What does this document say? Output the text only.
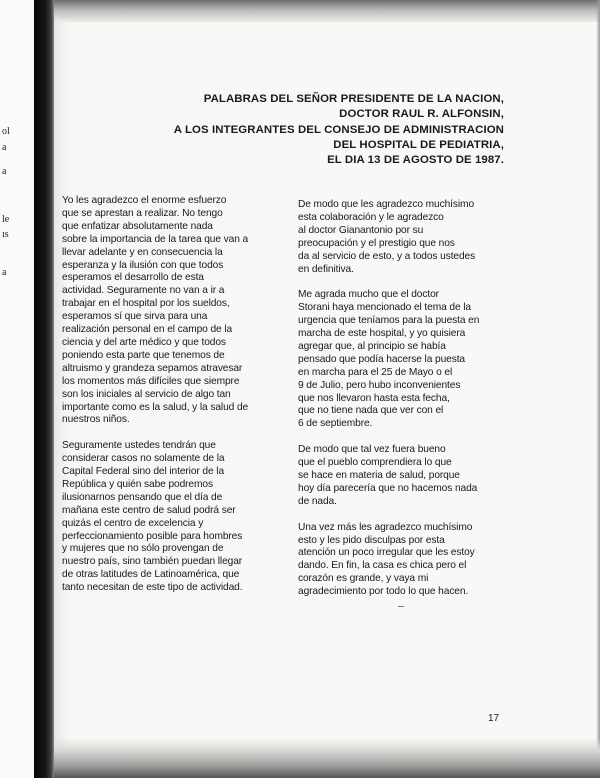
ol
a
a
le
ıs
a
PALABRAS DEL SEÑOR PRESIDENTE DE LA NACION,
DOCTOR RAUL R. ALFONSIN,
A LOS INTEGRANTES DEL CONSEJO DE ADMINISTRACION
DEL HOSPITAL DE PEDIATRIA,
EL DIA 13 DE AGOSTO DE 1987.

Yo les agradezco el enorme esfuerzo
que se aprestan a realizar. No tengo
que enfatizar absolutamente nada
sobre la importancia de la tarea que van a
llevar adelante y en consecuencia la
esperanza y la ilusión con que todos
esperamos el desarrollo de esta
actividad. Seguramente no van a ir a
trabajar en el hospital por los sueldos,
esperamos sí que sirva para una
realización personal en el campo de la
ciencia y del arte médico y que todos
poniendo esta parte que tenemos de
altruismo y grandeza sepamos atravesar
los momentos más difíciles que siempre
son los iniciales al servicio de algo tan
importante como es la salud, y la salud de
nuestros niños.

Seguramente ustedes tendrán que
considerar casos no solamente de la
Capital Federal sino del interior de la
República y quién sabe podremos
ilusionarnos pensando que el día de
mañana este centro de salud podrá ser
quizás el centro de excelencia y
perfeccionamiento posible para hombres
y mujeres que no sólo provengan de
nuestro país, sino también puedan llegar
de otras latitudes de Latinoamérica, que
tanto necesitan de este tipo de actividad.

De modo que les agradezco muchísimo
esta colaboración y le agradezco
al doctor Gianantonio por su
preocupación y el prestigio que nos
da al servicio de esto, y a todos ustedes
en definitiva.

Me agrada mucho que el doctor
Storani haya mencionado el tema de la
urgencia que teníamos para la puesta en
marcha de este hospital, y yo quisiera
agregar que, al principio se había
pensado que podía hacerse la puesta
en marcha para el 25 de Mayo o el
9 de Julio, pero hubo inconvenientes
que nos llevaron hasta esta fecha,
que no tiene nada que ver con el
6 de septiembre.

De modo que tal vez fuera bueno
que el pueblo comprendiera lo que
se hace en materia de salud, porque
hoy día parecería que no hacemos nada
de nada.

Una vez más les agradezco muchísimo
esto y les pido disculpas por esta
atención un poco irregular que les estoy
dando. En fin, la casa es chica pero el
corazón es grande, y vaya mi
agradecimiento por todo lo que hacen.

17
